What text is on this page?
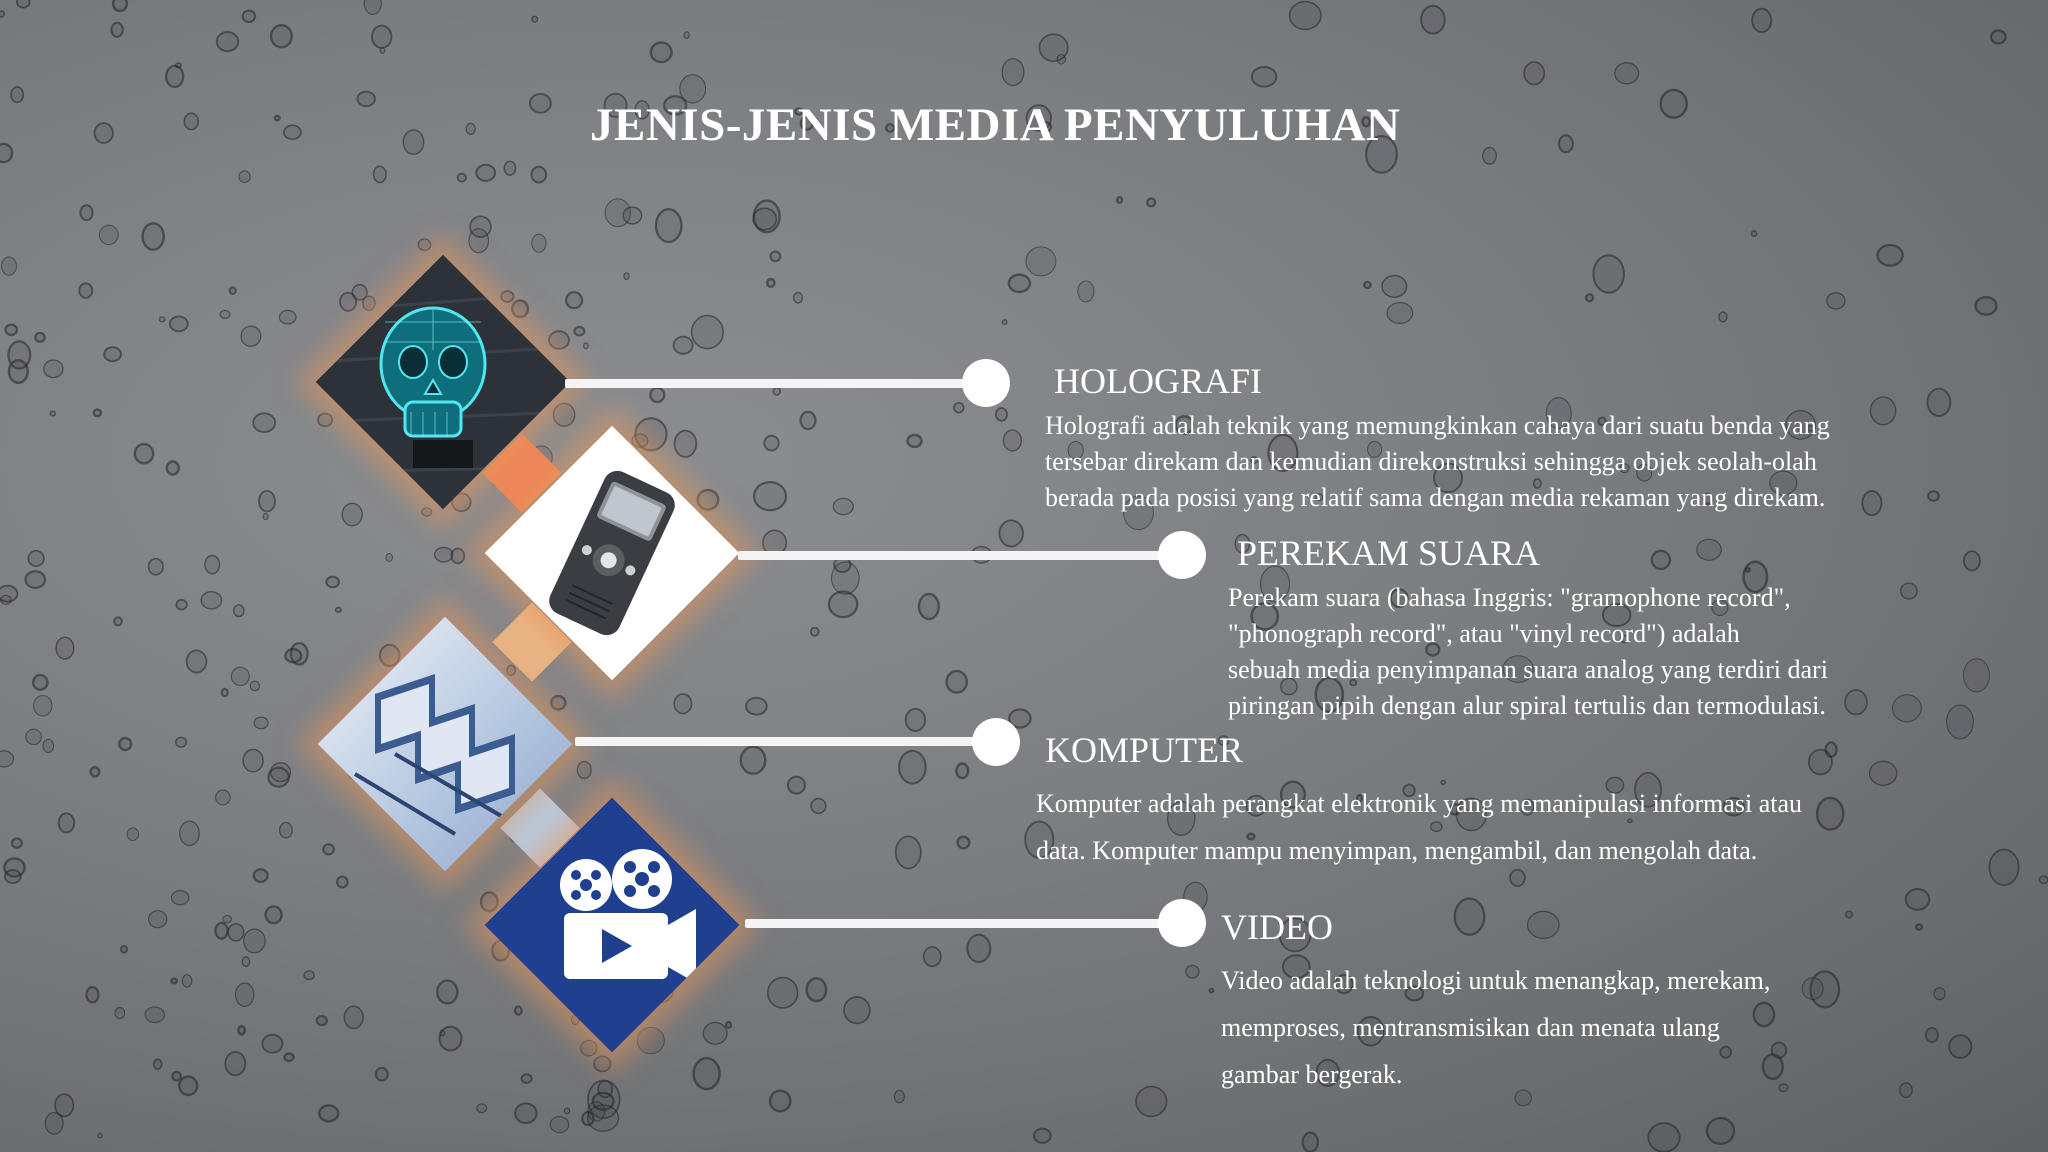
JENIS-JENIS MEDIA PENYULUHAN
HOLOGRAFI
Holografi adalah teknik yang memungkinkan cahaya dari suatu benda yang
tersebar direkam dan kemudian direkonstruksi sehingga objek seolah-olah
berada pada posisi yang relatif sama dengan media rekaman yang direkam.
PEREKAM SUARA
Perekam suara (bahasa Inggris: "gramophone record",
"phonograph record", atau "vinyl record") adalah
sebuah media penyimpanan suara analog yang terdiri dari
piringan pipih dengan alur spiral tertulis dan termodulasi.
KOMPUTER
Komputer adalah perangkat elektronik yang memanipulasi informasi atau
data. Komputer mampu menyimpan, mengambil, dan mengolah data.
VIDEO
Video adalah teknologi untuk menangkap, merekam,
memproses, mentransmisikan dan menata ulang
gambar bergerak.
